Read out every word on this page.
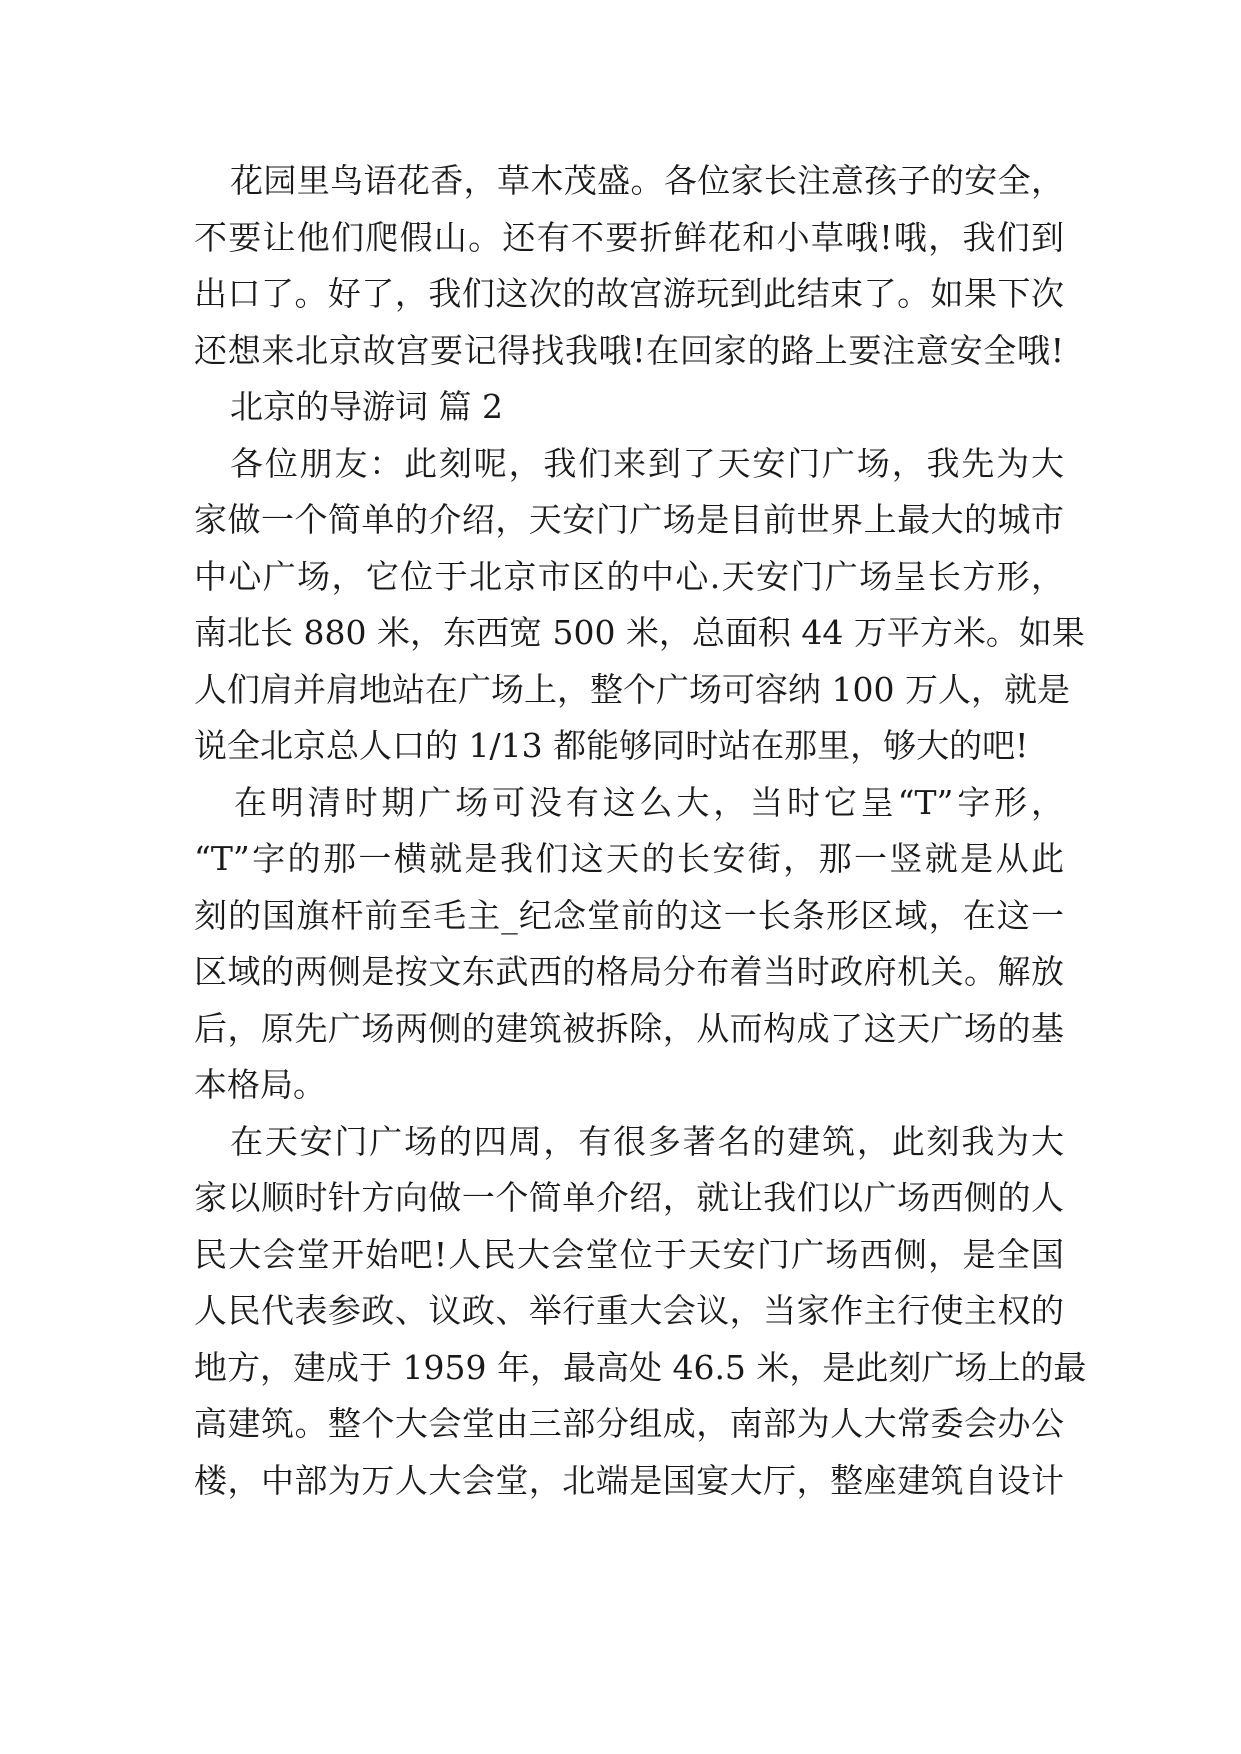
花园里鸟语花香，草木茂盛。各位家长注意孩子的安全，
不要让他们爬假山。还有不要折鲜花和小草哦!哦，我们到
出口了。好了，我们这次的故宫游玩到此结束了。如果下次
还想来北京故宫要记得找我哦!在回家的路上要注意安全哦!
北京的导游词 篇 2
各位朋友：此刻呢，我们来到了天安门广场，我先为大
家做一个简单的介绍，天安门广场是目前世界上最大的城市
中心广场，它位于北京市区的中心.天安门广场呈长方形，
南北长 880 米，东西宽 500 米，总面积 44 万平方米。如果
人们肩并肩地站在广场上，整个广场可容纳 100 万人，就是
说全北京总人口的 1/13 都能够同时站在那里，够大的吧!
在明清时期广场可没有这么大，当时它呈“T”字形，
“T”字的那一横就是我们这天的长安街，那一竖就是从此
刻的国旗杆前至毛主_纪念堂前的这一长条形区域，在这一
区域的两侧是按文东武西的格局分布着当时政府机关。解放
后，原先广场两侧的建筑被拆除，从而构成了这天广场的基
本格局。
在天安门广场的四周，有很多著名的建筑，此刻我为大
家以顺时针方向做一个简单介绍，就让我们以广场西侧的人
民大会堂开始吧!人民大会堂位于天安门广场西侧，是全国
人民代表参政、议政、举行重大会议，当家作主行使主权的
地方，建成于 1959 年，最高处 46.5 米，是此刻广场上的最
高建筑。整个大会堂由三部分组成，南部为人大常委会办公
楼，中部为万人大会堂，北端是国宴大厅，整座建筑自设计
